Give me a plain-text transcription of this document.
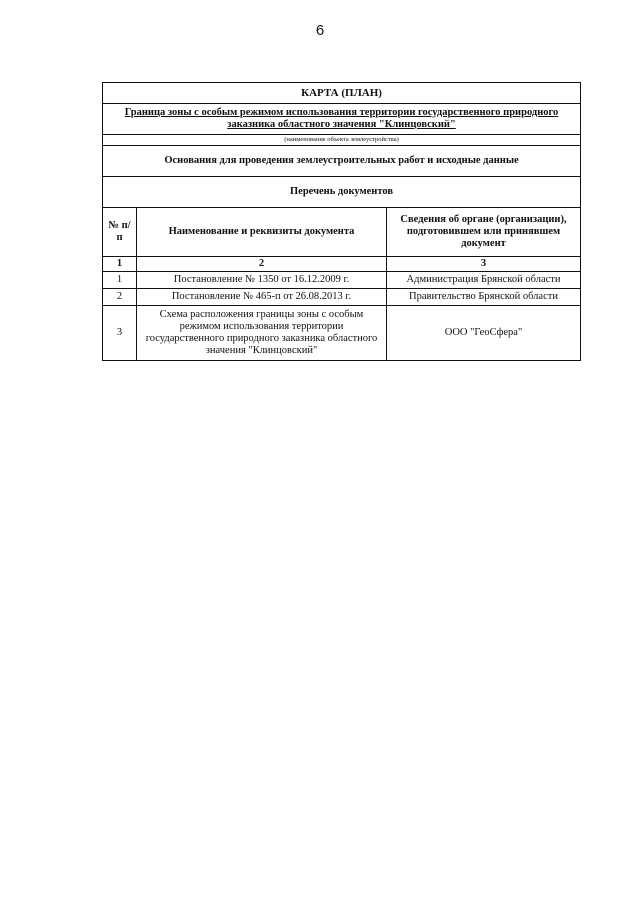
6
КАРТА (ПЛАН)		
Граница зоны с особым режимом использования территории государственного природного заказника областного значения "Клинцовский"		
(наименование объекта землеустройства)		
Основания для проведения землеустроительных работ и исходные данные		
Перечень документов		
№ п/п	Наименование и реквизиты документа	Сведения об органе (организации), подготовившем или принявшем документ
1	2	3
1	Постановление № 1350 от 16.12.2009 г.	Администрация Брянской области
2	Постановление № 465-п от 26.08.2013 г.	Правительство Брянской области
3	Схема расположения границы зоны с особым режимом использования территории государственного природного заказника областного значения "Клинцовский"	ООО "ГеоСфера"
